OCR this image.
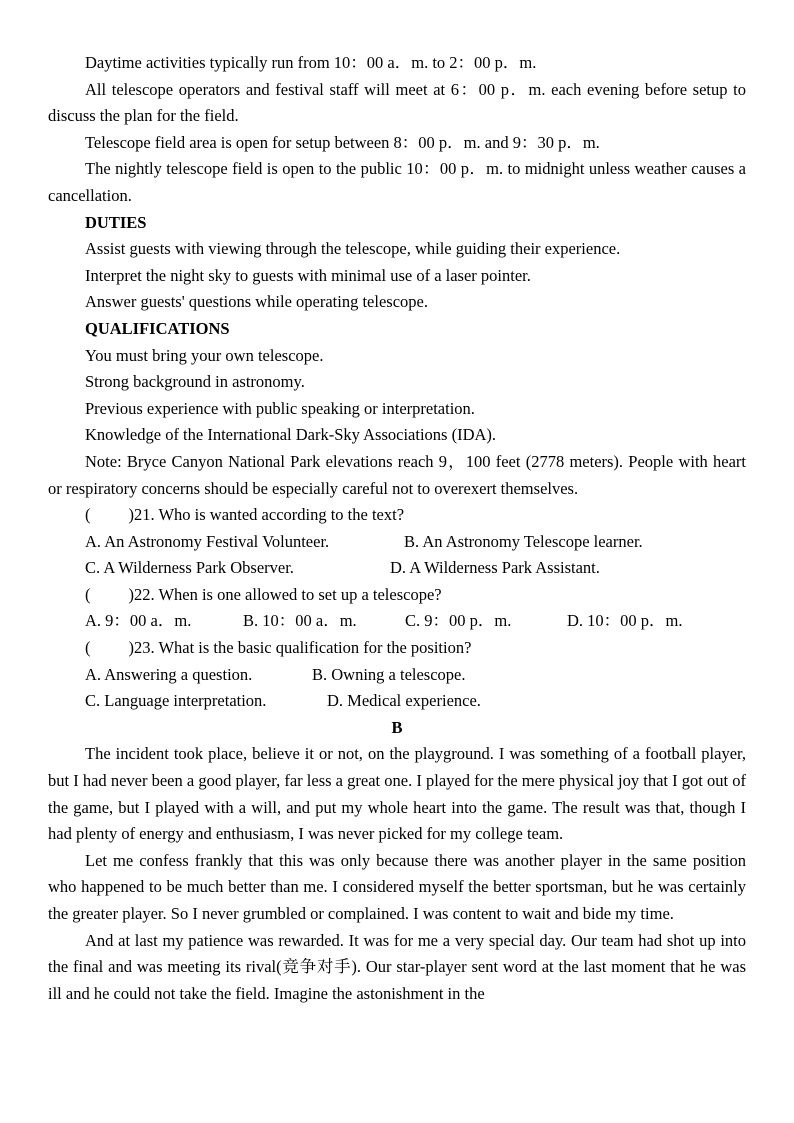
Daytime activities typically run from 10：00 a．m. to 2：00 p．m.

All telescope operators and festival staff will meet at 6：00 p．m. each evening before setup to discuss the plan for the field.

Telescope field area is open for setup between 8：00 p．m. and 9：30 p．m.

The nightly telescope field is open to the public 10：00 p．m. to midnight unless weather causes a cancellation.

DUTIES

Assist guests with viewing through the telescope, while guiding their experience.

Interpret the night sky to guests with minimal use of a laser pointer.

Answer guests' questions while operating telescope.

QUALIFICATIONS

You must bring your own telescope.

Strong background in astronomy.

Previous experience with public speaking or interpretation.

Knowledge of the International Dark-Sky Associations (IDA).

Note: Bryce Canyon National Park elevations reach 9，100 feet (2778 meters). People with heart or respiratory concerns should be especially careful not to overexert themselves.

( )21. Who is wanted according to the text?

A. An Astronomy Festival Volunteer.	B. An Astronomy Telescope learner.
C. A Wilderness Park Observer.	D. A Wilderness Park Assistant.

( )22. When is one allowed to set up a telescope?

A. 9：00 a．m.	B. 10：00 a．m.	C. 9：00 p．m.	D. 10：00 p．m.

( )23. What is the basic qualification for the position?

A. Answering a question.	B. Owning a telescope.
C. Language interpretation.	D. Medical experience.

B

The incident took place, believe it or not, on the playground. I was something of a football player, but I had never been a good player, far less a great one. I played for the mere physical joy that I got out of the game, but I played with a will, and put my whole heart into the game. The result was that, though I had plenty of energy and enthusiasm, I was never picked for my college team.

Let me confess frankly that this was only because there was another player in the same position who happened to be much better than me. I considered myself the better sportsman, but he was certainly the greater player. So I never grumbled or complained. I was content to wait and bide my time.

And at last my patience was rewarded. It was for me a very special day. Our team had shot up into the final and was meeting its rival(竞争对手). Our star-player sent word at the last moment that he was ill and he could not take the field. Imagine the astonishment in the
